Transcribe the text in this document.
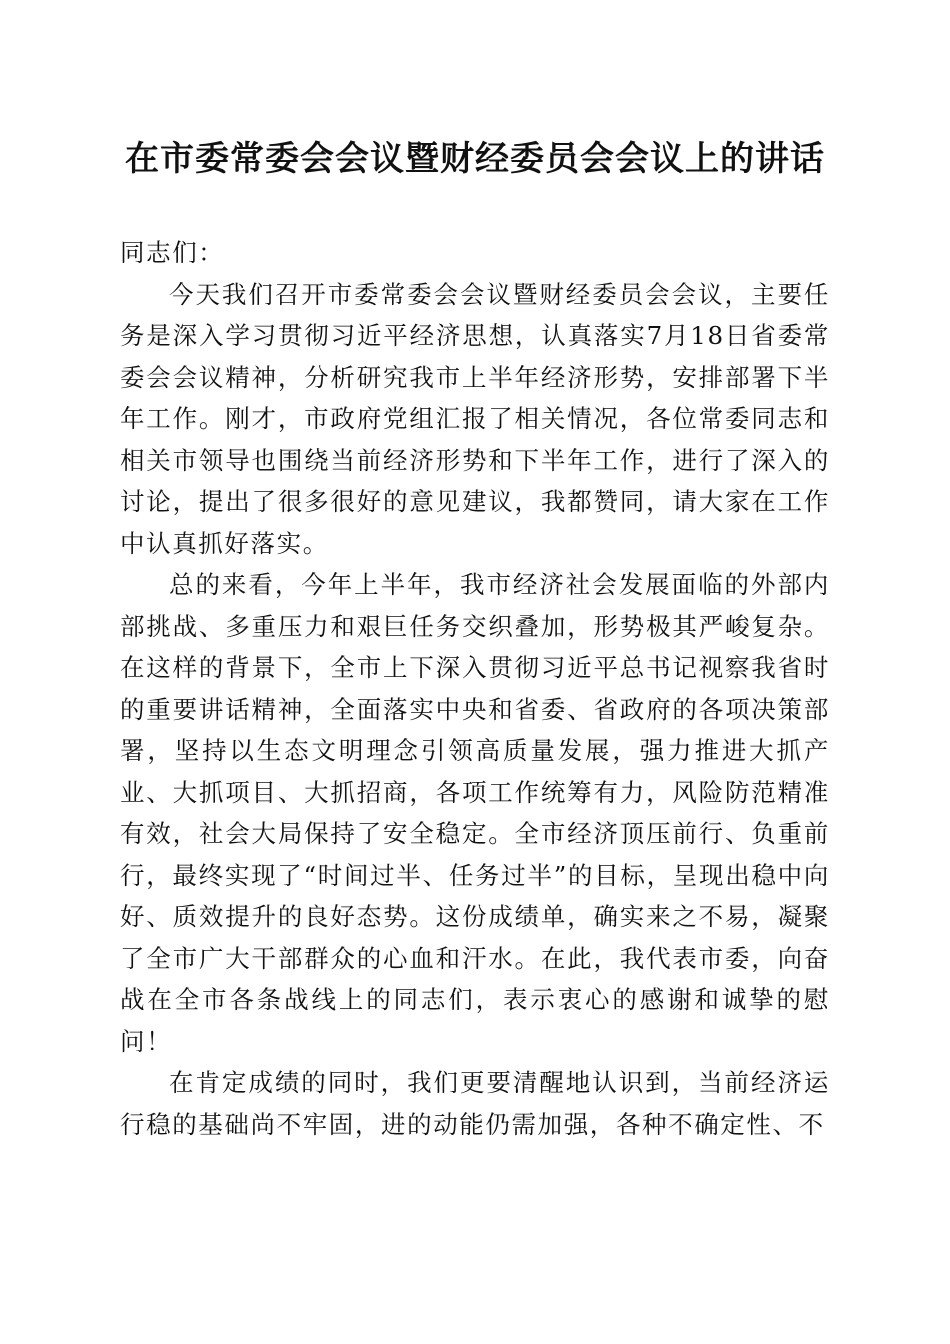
在市委常委会会议暨财经委员会会议上的讲话

同志们：

今天我们召开市委常委会会议暨财经委员会会议，主要任务是深入学习贯彻习近平经济思想，认真落实7月18日省委常委会会议精神，分析研究我市上半年经济形势，安排部署下半年工作。刚才，市政府党组汇报了相关情况，各位常委同志和相关市领导也围绕当前经济形势和下半年工作，进行了深入的讨论，提出了很多很好的意见建议，我都赞同，请大家在工作中认真抓好落实。

总的来看，今年上半年，我市经济社会发展面临的外部内部挑战、多重压力和艰巨任务交织叠加，形势极其严峻复杂。在这样的背景下，全市上下深入贯彻习近平总书记视察我省时的重要讲话精神，全面落实中央和省委、省政府的各项决策部署，坚持以生态文明理念引领高质量发展，强力推进大抓产业、大抓项目、大抓招商，各项工作统筹有力，风险防范精准有效，社会大局保持了安全稳定。全市经济顶压前行、负重前行，最终实现了“时间过半、任务过半”的目标，呈现出稳中向好、质效提升的良好态势。这份成绩单，确实来之不易，凝聚了全市广大干部群众的心血和汗水。在此，我代表市委，向奋战在全市各条战线上的同志们，表示衷心的感谢和诚挚的慰问！

在肯定成绩的同时，我们更要清醒地认识到，当前经济运行稳的基础尚不牢固，进的动能仍需加强，各种不确定性、不
